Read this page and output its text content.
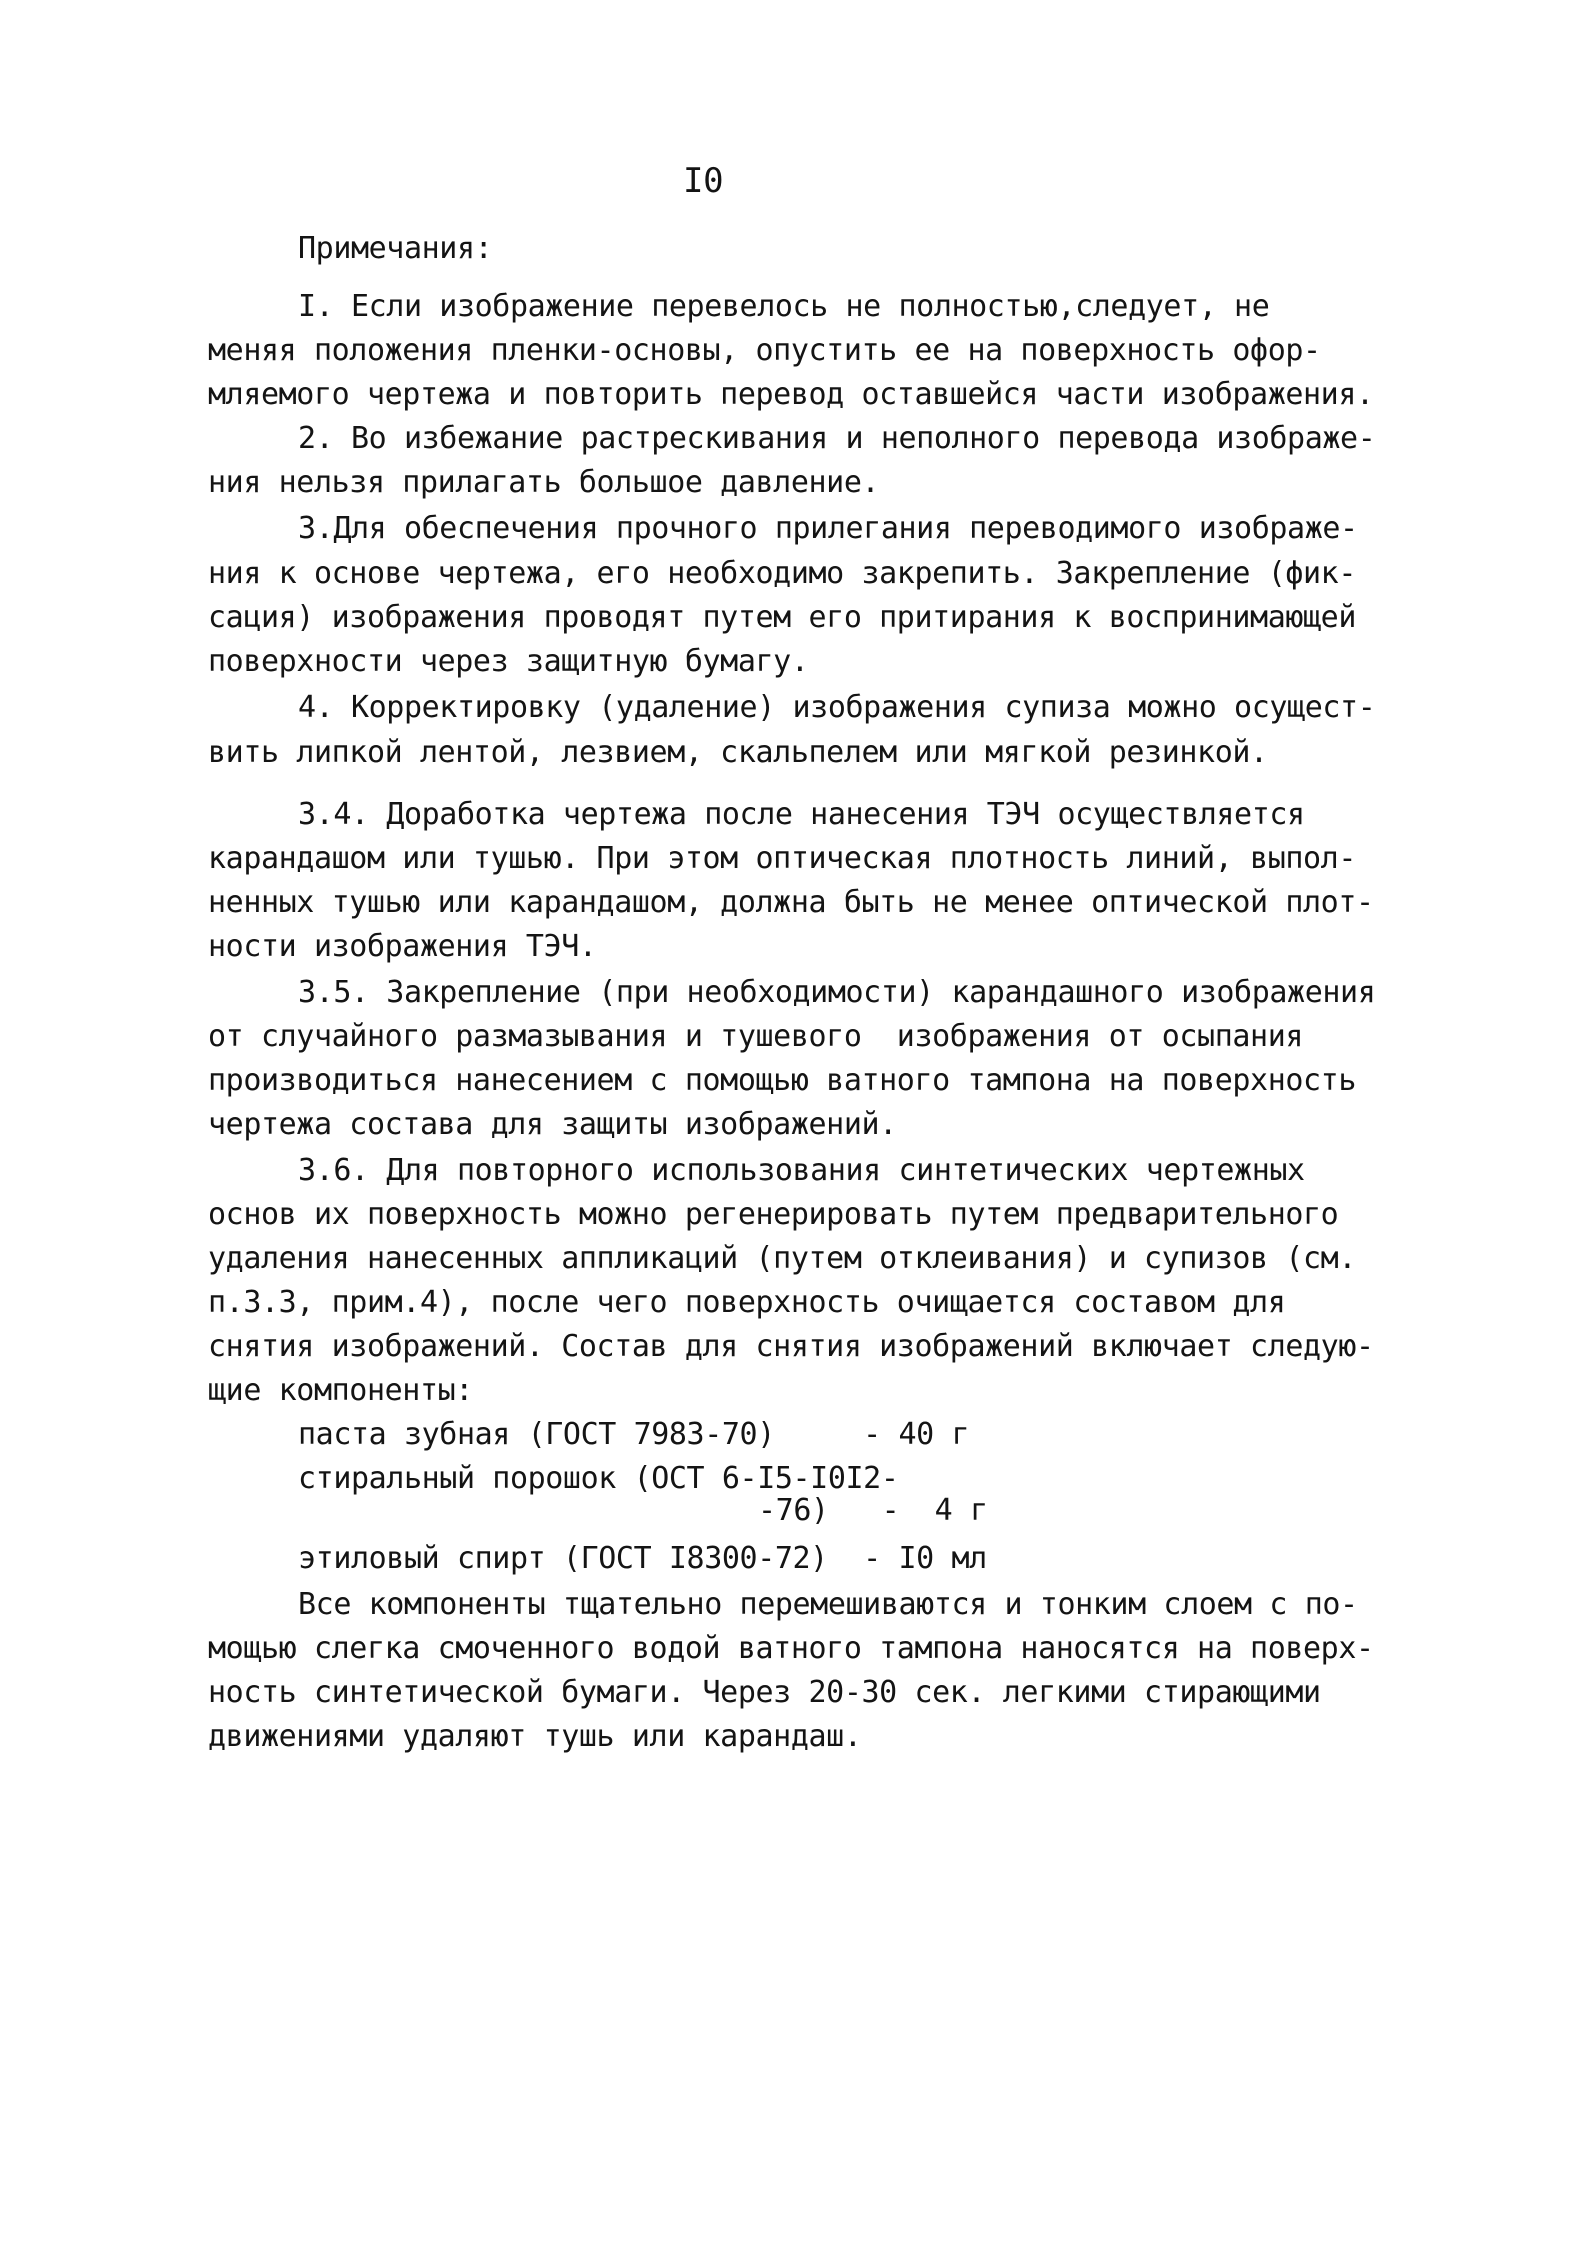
I0
Примечания:
I. Если изображение перевелось не полностью,следует, не
меняя положения пленки-основы, опустить ее на поверхность офор-
мляемого чертежа и повторить перевод оставшейся части изображения.
2. Во избежание растрескивания и неполного перевода изображе-
ния нельзя прилагать большое давление.
3.Для обеспечения прочного прилегания переводимого изображе-
ния к основе чертежа, его необходимо закрепить. Закрепление (фик-
сация) изображения проводят путем его притирания к воспринимающей
поверхности через защитную бумагу.
4. Корректировку (удаление) изображения супиза можно осущест-
вить липкой лентой, лезвием, скальпелем или мягкой резинкой.
3.4. Доработка чертежа после нанесения ТЭЧ осуществляется
карандашом или тушью. При этом оптическая плотность линий, выпол-
ненных тушью или карандашом, должна быть не менее оптической плот-
ности изображения ТЭЧ.
3.5. Закрепление (при необходимости) карандашного изображения
от случайного размазывания и тушевого  изображения от осыпания
производиться нанесением с помощью ватного тампона на поверхность
чертежа состава для защиты изображений.
3.6. Для повторного использования синтетических чертежных
основ их поверхность можно регенерировать путем предварительного
удаления нанесенных аппликаций (путем отклеивания) и супизов (см.
п.3.3, прим.4), после чего поверхность очищается составом для
снятия изображений. Состав для снятия изображений включает следую-
щие компоненты:
паста зубная (ГОСТ 7983-70)     - 40 г
стиральный порошок (ОСТ 6-I5-I0I2-
-76)   -  4 г
этиловый спирт (ГОСТ I8300-72)  - I0 мл
Все компоненты тщательно перемешиваются и тонким слоем с по-
мощью слегка смоченного водой ватного тампона наносятся на поверх-
ность синтетической бумаги. Через 20-30 сек. легкими стирающими
движениями удаляют тушь или карандаш.
